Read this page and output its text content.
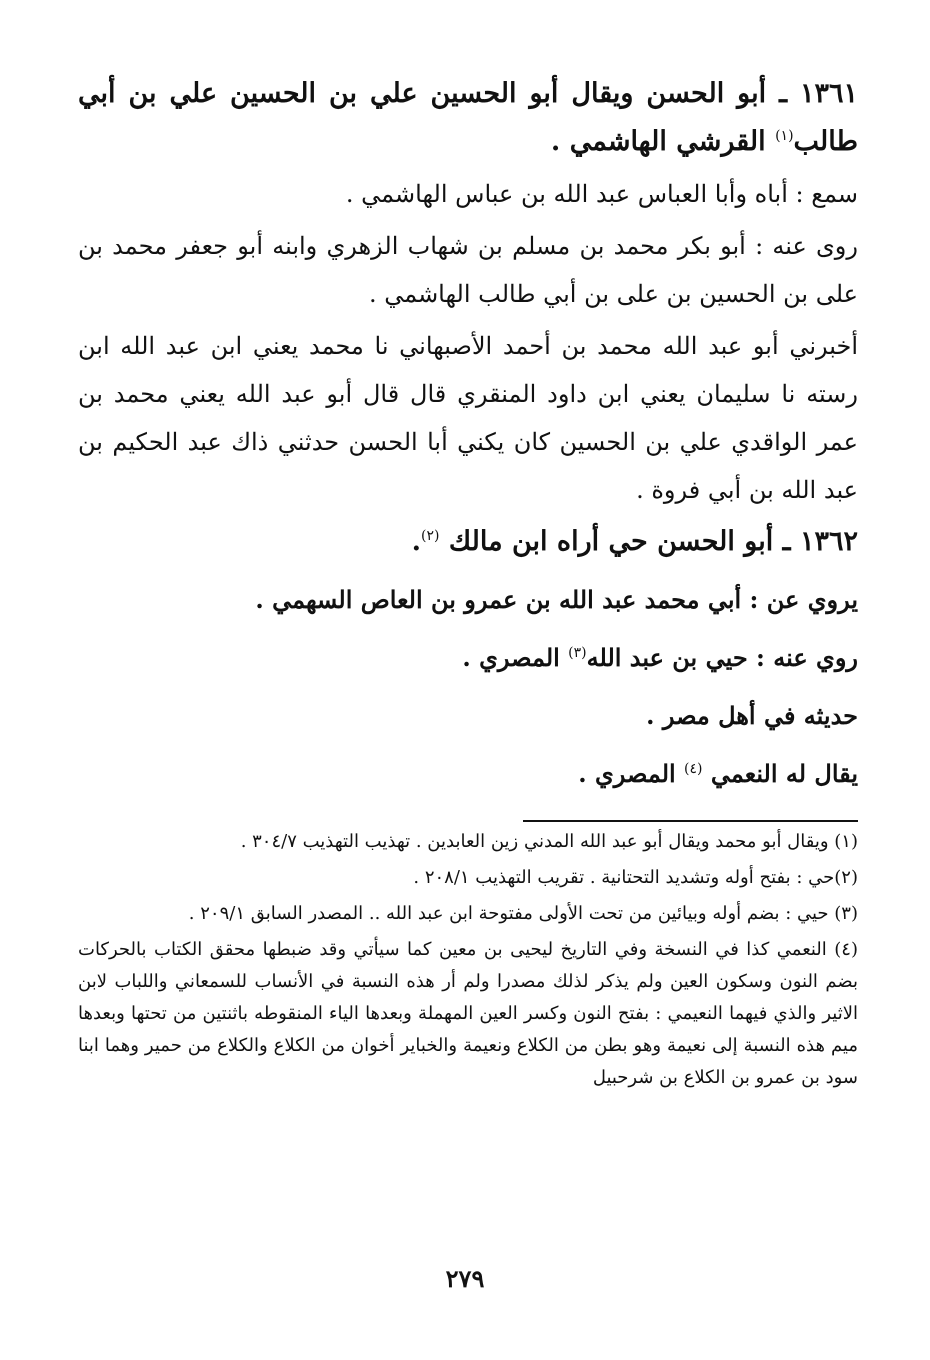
١٣٦١ ـ أبو الحسن ويقال أبو الحسين علي بن الحسين علي بن أبي طالب$^{(١)}$ القرشي الهاشمي .

سمع : أباه وأبا العباس عبد الله بن عباس الهاشمي .

روى عنه : أبو بكر محمد بن مسلم بن شهاب الزهري وابنه أبو جعفر محمد بن على بن الحسين بن على بن أبي طالب الهاشمي .

أخبرني أبو عبد الله محمد بن أحمد الأصبهاني نا محمد يعني ابن عبد الله ابن رسته نا سليمان يعني ابن داود المنقري قال قال أبو عبد الله يعني محمد بن عمر الواقدي علي بن الحسين كان يكني أبا الحسن حدثني ذاك عبد الحكيم بن عبد الله بن أبي فروة .

١٣٦٢ ـ أبو الحسن حي أراه ابن مالك $^{(٢)}$.

يروي عن : أبي محمد عبد الله بن عمرو بن العاص السهمي .

روي عنه : حيي بن عبد الله$^{(٣)}$ المصري .

حديثه في أهل مصر .

يقال له النعمي $^{(٤)}$ المصري .

(١) ويقال أبو محمد ويقال أبو عبد الله المدني زين العابدين . تهذيب التهذيب ٣٠٤/٧ .

(٢)حي : بفتح أوله وتشديد التحتانية . تقريب التهذيب ٢٠٨/١ .

(٣) حيي : بضم أوله وبيائين من تحت الأولى مفتوحة ابن عبد الله .. المصدر السابق ٢٠٩/١ .

(٤) النعمي كذا في النسخة وفي التاريخ ليحيى بن معين كما سيأتي وقد ضبطها محقق الكتاب بالحركات بضم النون وسكون العين ولم يذكر لذلك مصدرا ولم أر هذه النسبة في الأنساب للسمعاني واللباب لابن الاثير والذي فيهما النعيمي : بفتح النون وكسر العين المهملة وبعدها الياء المنقوطه باثنتين من تحتها وبعدها ميم هذه النسبة إلى نعيمة وهو بطن من الكلاع ونعيمة والخباير أخوان من الكلاع والكلاع من حمير وهما ابنا سود بن عمرو بن الكلاع بن شرحبيل

٢٧٩
